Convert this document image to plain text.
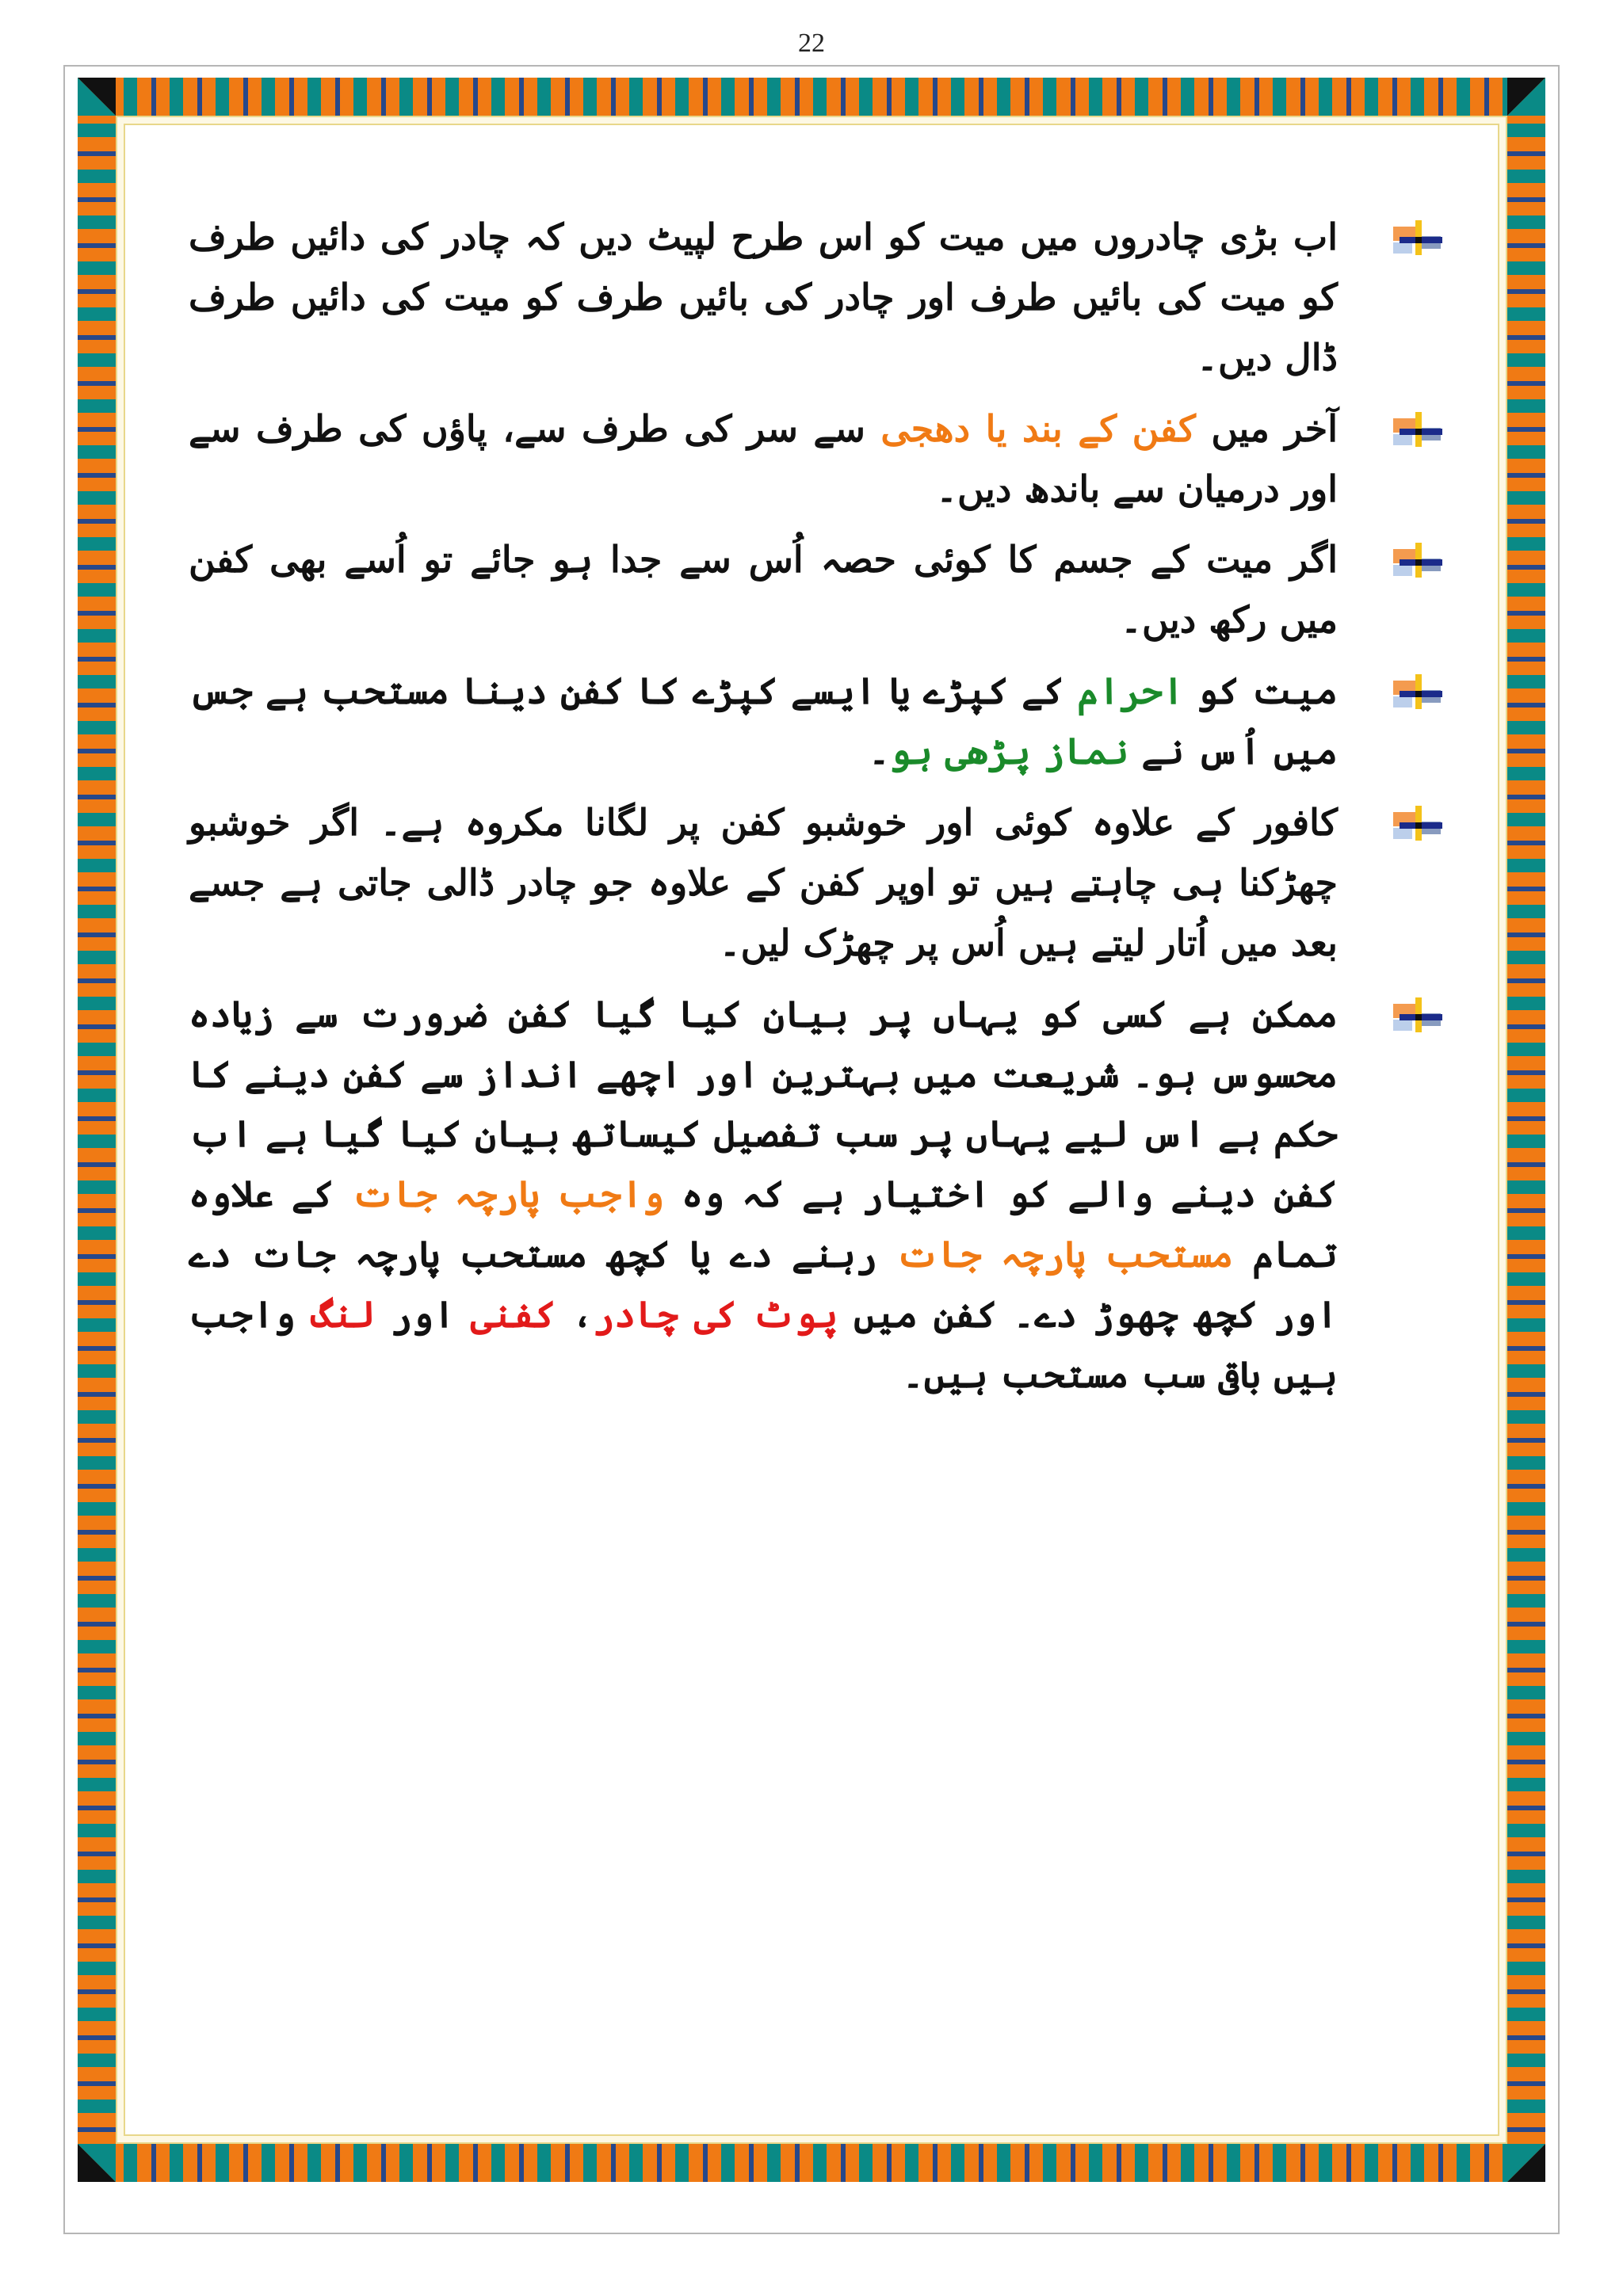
22
اب بڑی چادروں میں میت کو اس طرح لپیٹ دیں کہ چادر کی دائیں طرف کو میت کی بائیں طرف اور چادر کی بائیں طرف کو میت کی دائیں طرف ڈال دیں۔
آخر میں کفن کے بند یا دھجی سے سر کی طرف سے، پاؤں کی طرف سے اور درمیان سے باندھ دیں۔
اگر میت کے جسم کا کوئی حصہ اُس سے جدا ہو جائے تو اُسے بھی کفن میں رکھ دیں۔
میت کو احرام کے کپڑے یا ایسے کپڑے کا کفن دینا مستحب ہے جس میں اُس نے نماز پڑھی ہو۔
کافور کے علاوہ کوئی اور خوشبو کفن پر لگانا مکروہ ہے۔ اگر خوشبو چھڑکنا ہی چاہتے ہیں تو اوپر کفن کے علاوہ جو چادر ڈالی جاتی ہے جسے بعد میں اُتار لیتے ہیں اُس پر چھڑک لیں۔
ممکن ہے کسی کو یہاں پر بیان کیا گیا کفن ضرورت سے زیادہ محسوس ہو۔ شریعت میں بہترین اور اچھے انداز سے کفن دینے کا حکم ہے اس لیے یہاں پر سب تفصیل کیساتھ بیان کیا گیا ہے اب کفن دینے والے کو اختیار ہے کہ وہ واجب پارچہ جات کے علاوہ تمام مستحب پارچہ جات رہنے دے یا کچھ مستحب پارچہ جات دے اور کچھ چھوڑ دے۔ کفن میں پوٹ کی چادر، کفنی اور لنگ واجب ہیں باقی سب مستحب ہیں۔
